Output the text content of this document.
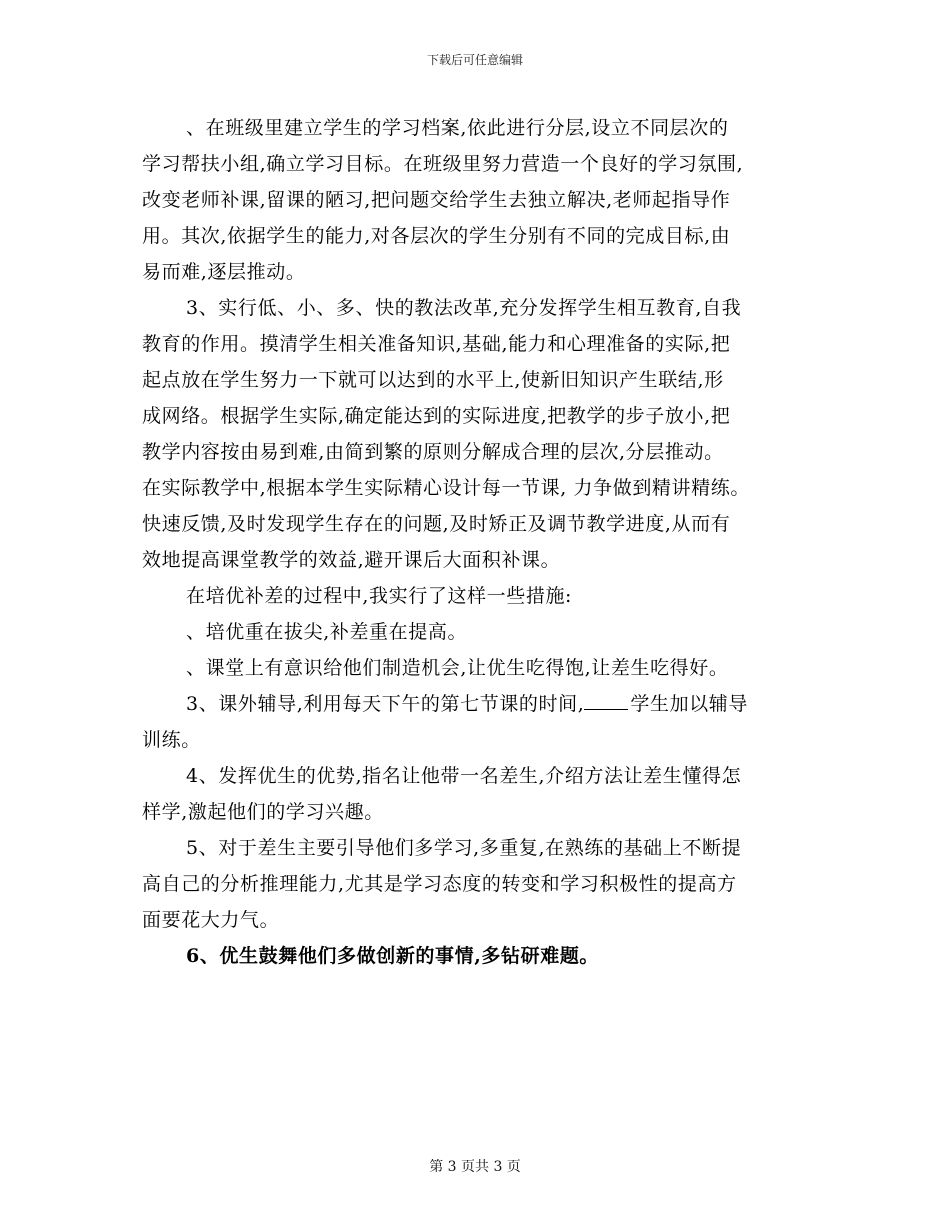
下载后可任意编辑
、在班级里建立学生的学习档案,依此进行分层,设立不同层次的
学习帮扶小组,确立学习目标。在班级里努力营造一个良好的学习氛围,
改变老师补课,留课的陋习,把问题交给学生去独立解决,老师起指导作
用。其次,依据学生的能力,对各层次的学生分别有不同的完成目标,由
易而难,逐层推动。
3、实行低、小、多、快的教法改革,充分发挥学生相互教育,自我
教育的作用。摸清学生相关准备知识,基础,能力和心理准备的实际,把
起点放在学生努力一下就可以达到的水平上,使新旧知识产生联结,形
成网络。根据学生实际,确定能达到的实际进度,把教学的步子放小,把
教学内容按由易到难,由简到繁的原则分解成合理的层次,分层推动。
在实际教学中,根据本学生实际精心设计每一节课, 力争做到精讲精练。
快速反馈,及时发现学生存在的问题,及时矫正及调节教学进度,从而有
效地提高课堂教学的效益,避开课后大面积补课。
在培优补差的过程中,我实行了这样一些措施:
、培优重在拔尖,补差重在提高。
、课堂上有意识给他们制造机会,让优生吃得饱,让差生吃得好。
3、课外辅导,利用每天下午的第七节课的时间, 学生加以辅导
训练。
4、发挥优生的优势,指名让他带一名差生,介绍方法让差生懂得怎
样学,激起他们的学习兴趣。
5、对于差生主要引导他们多学习,多重复,在熟练的基础上不断提
高自己的分析推理能力,尤其是学习态度的转变和学习积极性的提高方
面要花大力气。
6、优生鼓舞他们多做创新的事情,多钻研难题。
第 3 页共 3 页
